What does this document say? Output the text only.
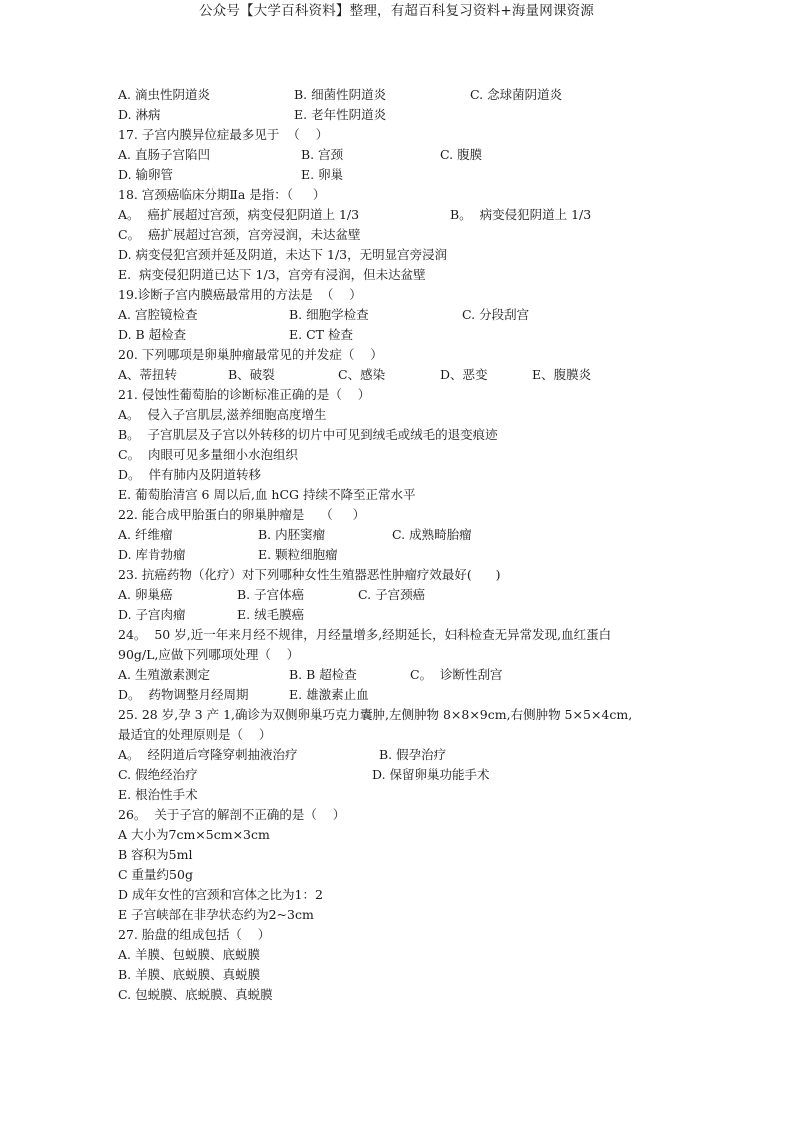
公众号【大学百科资料】整理，有超百科复习资料+海量网课资源
A. 滴虫性阴道炎	B. 细菌性阴道炎	C. 念球菌阴道炎
D. 淋病	E. 老年性阴道炎
17. 子宫内膜异位症最多见于  （    ）
A. 直肠子宫陷凹	B. 宫颈	C. 腹膜
D. 输卵管	E. 卵巢
18. 宫颈癌临床分期Ⅱa 是指：（     ）
A。  癌扩展超过宫颈，病变侵犯阴道上 1/3	B。  病变侵犯阴道上 1/3
C。  癌扩展超过宫颈，宫旁浸润，未达盆壁
D. 病变侵犯宫颈并延及阴道，未达下 1/3，无明显宫旁浸润
E.  病变侵犯阴道已达下 1/3，宫旁有浸润，但未达盆壁
19.诊断子宫内膜癌最常用的方法是  （    ）
A. 宫腔镜检查	B. 细胞学检查	C. 分段刮宫
D. B 超检查	E. CT 检查
20. 下列哪项是卵巢肿瘤最常见的并发症（    ）
A、蒂扭转	B、破裂	C、感染	D、恶变	E、腹膜炎
21. 侵蚀性葡萄胎的诊断标准正确的是（    ）
A。  侵入子宫肌层,滋养细胞高度增生
B。  子宫肌层及子宫以外转移的切片中可见到绒毛或绒毛的退变痕迹
C。  肉眼可见多量细小水泡组织
D。  伴有肺内及阴道转移
E. 葡萄胎清宫 6 周以后,血 hCG 持续不降至正常水平
22. 能合成甲胎蛋白的卵巢肿瘤是    （     ）
A. 纤维瘤	B. 内胚窦瘤	C. 成熟畸胎瘤
D. 库肯勃瘤	E. 颗粒细胞瘤
23. 抗癌药物（化疗）对下列哪种女性生殖器恶性肿瘤疗效最好(      )
A. 卵巢癌	B. 子宫体癌	C. 子宫颈癌
D. 子宫肉瘤	E. 绒毛膜癌
24。  50 岁,近一年来月经不规律，月经量增多,经期延长，妇科检查无异常发现,血红蛋白
90g/L,应做下列哪项处理（    ）
A. 生殖激素测定	B. B 超检查	C。  诊断性刮宫
D。  药物调整月经周期	E. 雄激素止血
25. 28 岁,孕 3 产 1,确诊为双侧卵巢巧克力囊肿,左侧肿物 8×8×9cm,右侧肿物 5×5×4cm,
最适宜的处理原则是（    ）
A。  经阴道后穹隆穿刺抽液治疗	B. 假孕治疗
C. 假绝经治疗	D. 保留卵巢功能手术
E. 根治性手术
26。  关于子宫的解剖不正确的是（    ）
A 大小为7cm×5cm×3cm
B 容积为5ml
C 重量约50g
D 成年女性的宫颈和宫体之比为1：2
E 子宫峡部在非孕状态约为2~3cm
27. 胎盘的组成包括（    ）
A. 羊膜、包蜕膜、底蜕膜
B. 羊膜、底蜕膜、真蜕膜
C. 包蜕膜、底蜕膜、真蜕膜
